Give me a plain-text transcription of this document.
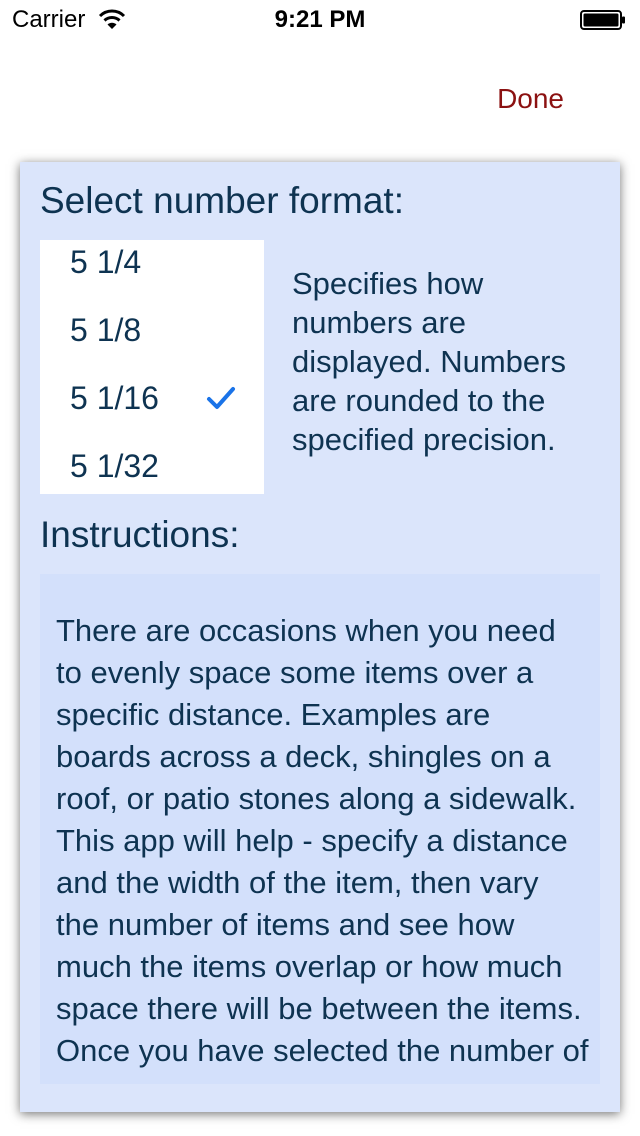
Carrier	9:21 PM
Done
Select number format:
5 1/4
5 1/8
5 1/16
5 1/32
Specifies how numbers are displayed. Numbers are rounded to the specified precision.
Instructions:

There are occasions when you need to evenly space some items over a specific distance. Examples are boards across a deck, shingles on a roof, or patio stones along a sidewalk. This app will help - specify a distance and the width of the item, then vary the number of items and see how much the items overlap or how much space there will be between the items. Once you have selected the number of
